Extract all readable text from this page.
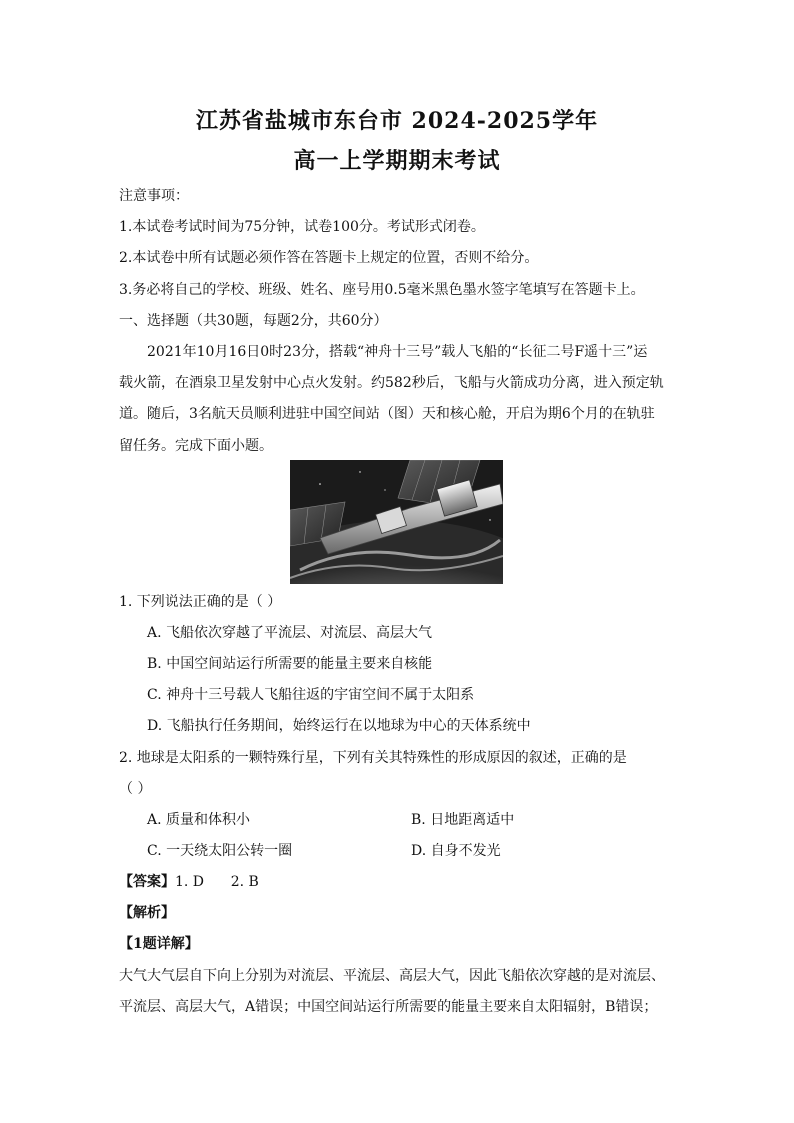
江苏省盐城市东台市 2024-2025学年
高一上学期期末考试
注意事项：
1.本试卷考试时间为75分钟，试卷100分。考试形式闭卷。
2.本试卷中所有试题必须作答在答题卡上规定的位置，否则不给分。
3.务必将自己的学校、班级、姓名、座号用0.5毫米黑色墨水签字笔填写在答题卡上。
一、选择题（共30题，每题2分，共60分）
2021年10月16日0时23分，搭载“神舟十三号”载人飞船的“长征二号F遥十三”运
载火箭，在酒泉卫星发射中心点火发射。约582秒后，飞船与火箭成功分离，进入预定轨
道。随后，3名航天员顺利进驻中国空间站（图）天和核心舱，开启为期6个月的在轨驻
留任务。完成下面小题。
1. 下列说法正确的是（ ）
A. 飞船依次穿越了平流层、对流层、高层大气
B. 中国空间站运行所需要的能量主要来自核能
C. 神舟十三号载人飞船往返的宇宙空间不属于太阳系
D. 飞船执行任务期间，始终运行在以地球为中心的天体系统中
2. 地球是太阳系的一颗特殊行星，下列有关其特殊性的形成原因的叙述，正确的是
（ ）
A. 质量和体积小	B. 日地距离适中
C. 一天绕太阳公转一圈	D. 自身不发光
【答案】1. D      2. B
【解析】
【1题详解】
大气大气层自下向上分别为对流层、平流层、高层大气，因此飞船依次穿越的是对流层、
平流层、高层大气，A错误；中国空间站运行所需要的能量主要来自太阳辐射，B错误；
